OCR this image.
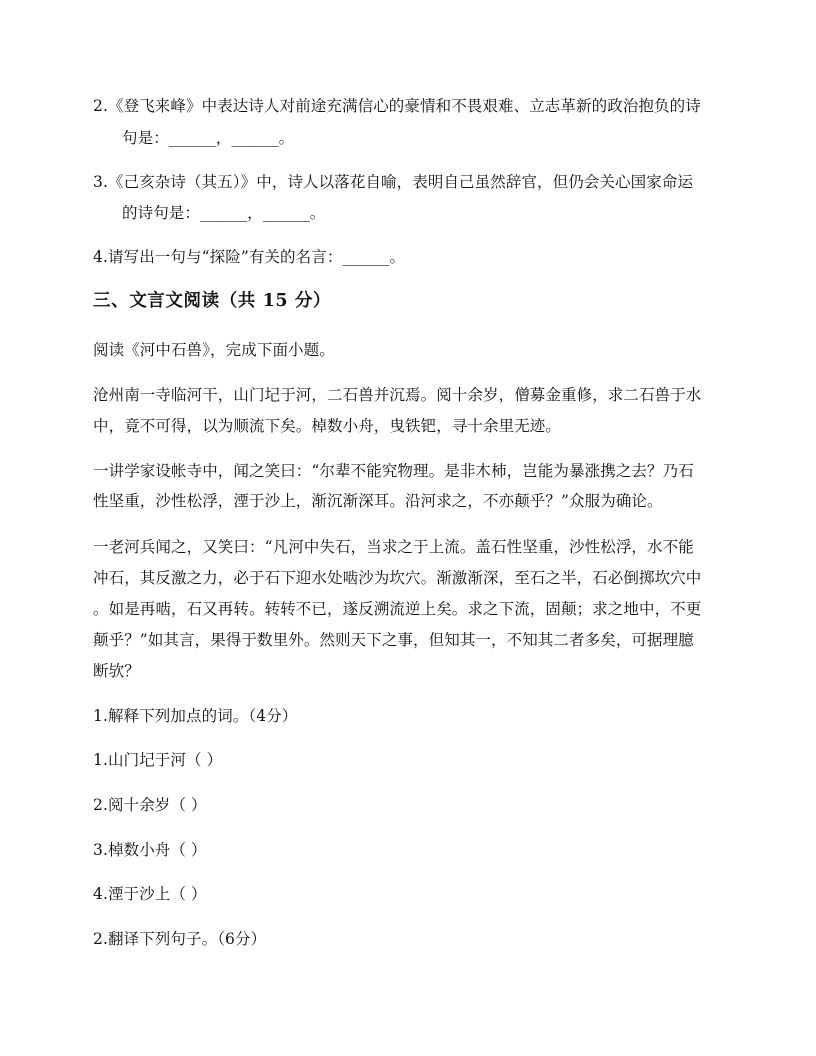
2.《登飞来峰》中表达诗人对前途充满信心的豪情和不畏艰难、立志革新的政治抱负的诗
句是：______，______。
3.《己亥杂诗（其五）》中，诗人以落花自喻，表明自己虽然辞官，但仍会关心国家命运
的诗句是：______，______。
4.请写出一句与“探险”有关的名言：______。
三、文言文阅读（共 15 分）
阅读《河中石兽》，完成下面小题。
沧州南一寺临河干，山门圮于河，二石兽并沉焉。阅十余岁，僧募金重修，求二石兽于水
中，竟不可得，以为顺流下矣。棹数小舟，曳铁钯，寻十余里无迹。
一讲学家设帐寺中，闻之笑曰：“尔辈不能究物理。是非木杮，岂能为暴涨携之去？乃石
性坚重，沙性松浮，湮于沙上，渐沉渐深耳。沿河求之，不亦颠乎？”众服为确论。
一老河兵闻之，又笑曰：“凡河中失石，当求之于上流。盖石性坚重，沙性松浮，水不能
冲石，其反激之力，必于石下迎水处啮沙为坎穴。渐激渐深，至石之半，石必倒掷坎穴中
。如是再啮，石又再转。转转不已，遂反溯流逆上矣。求之下流，固颠；求之地中，不更
颠乎？”如其言，果得于数里外。然则天下之事，但知其一，不知其二者多矣，可据理臆
断欤？
1.解释下列加点的词。（4分）
1.山门圮于河（ ）
2.阅十余岁（ ）
3.棹数小舟（ ）
4.湮于沙上（ ）
2.翻译下列句子。（6分）
